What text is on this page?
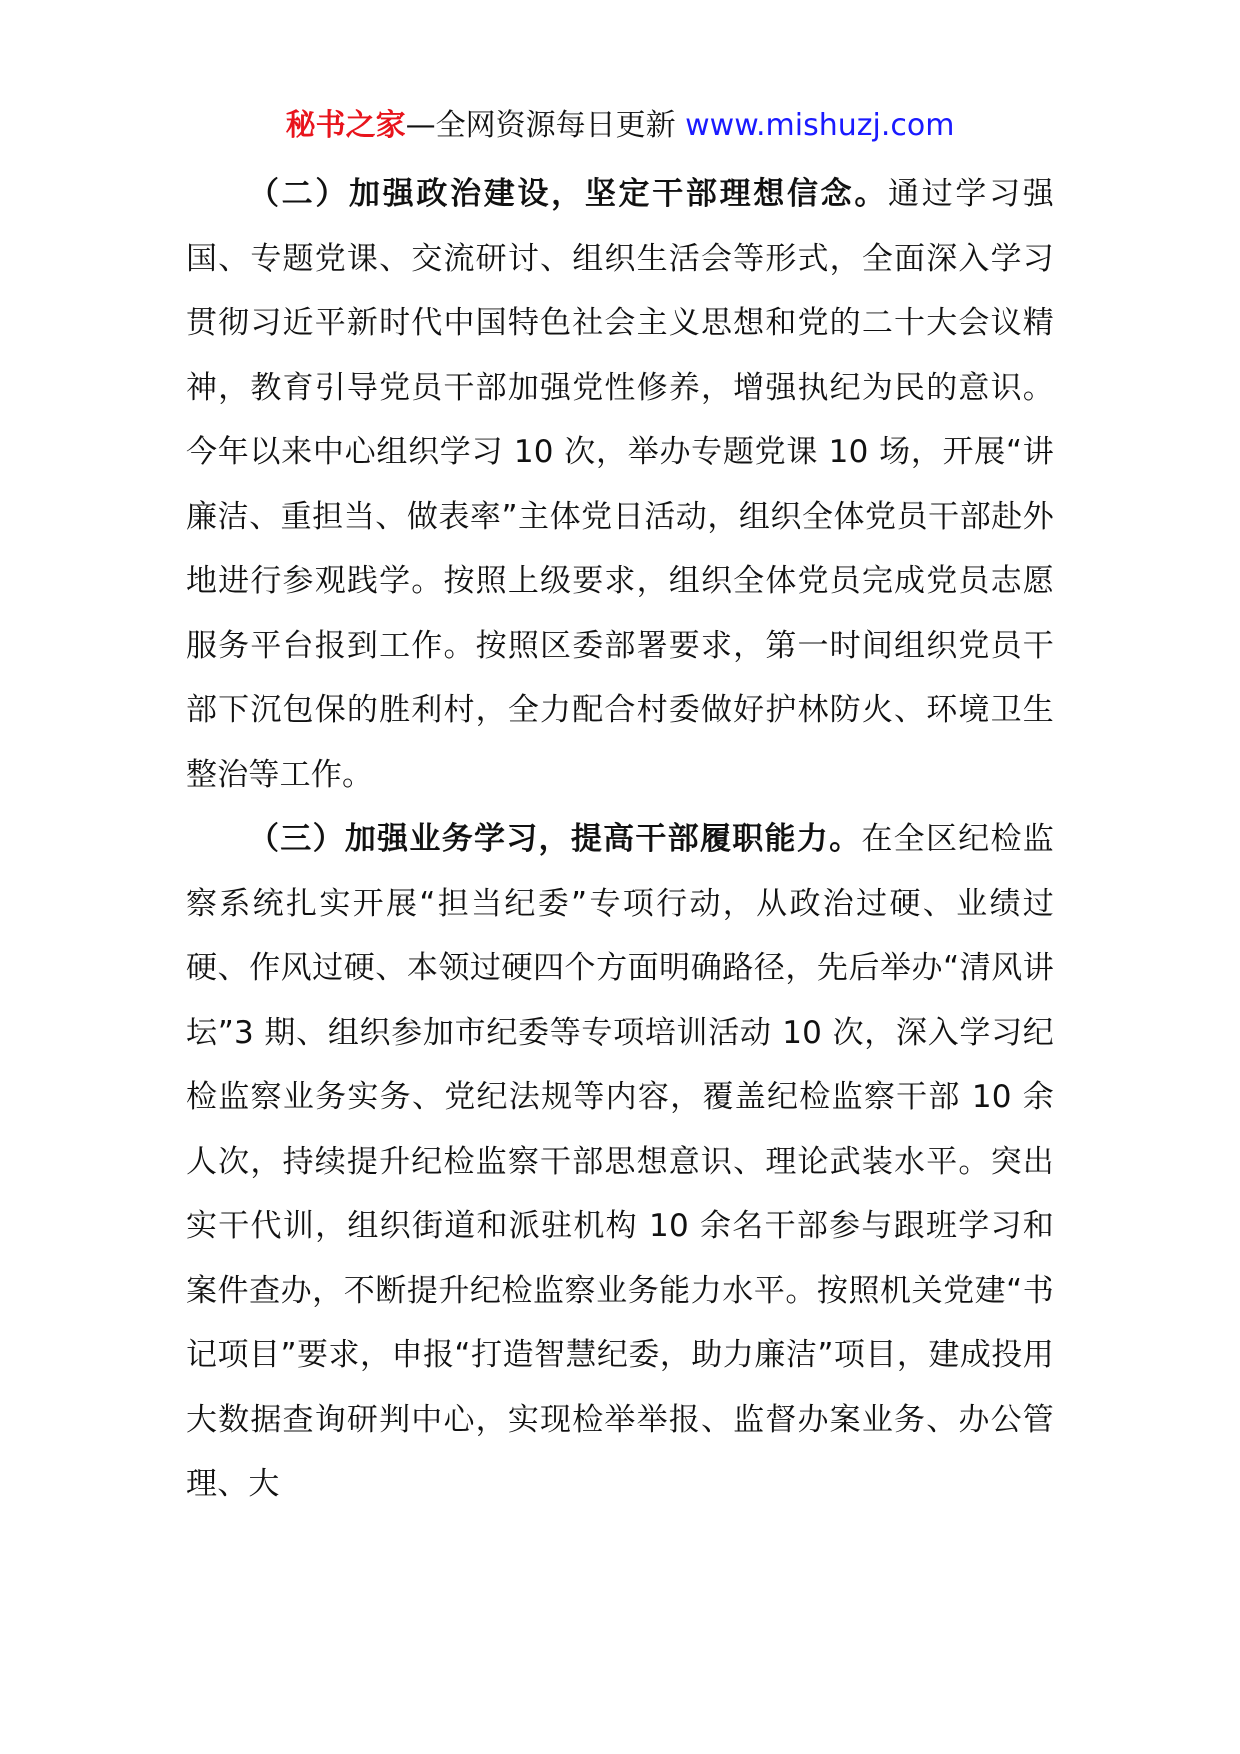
秘书之家—全网资源每日更新 www.mishuzj.com

（二）加强政治建设，坚定干部理想信念。通过学习强国、专题党课、交流研讨、组织生活会等形式，全面深入学习贯彻习近平新时代中国特色社会主义思想和党的二十大会议精神，教育引导党员干部加强党性修养，增强执纪为民的意识。今年以来中心组织学习 10 次，举办专题党课 10 场，开展“讲廉洁、重担当、做表率”主体党日活动，组织全体党员干部赴外地进行参观践学。按照上级要求，组织全体党员完成党员志愿服务平台报到工作。按照区委部署要求，第一时间组织党员干部下沉包保的胜利村，全力配合村委做好护林防火、环境卫生整治等工作。

（三）加强业务学习，提高干部履职能力。在全区纪检监察系统扎实开展“担当纪委”专项行动，从政治过硬、业绩过硬、作风过硬、本领过硬四个方面明确路径，先后举办“清风讲坛”3 期、组织参加市纪委等专项培训活动 10 次，深入学习纪检监察业务实务、党纪法规等内容，覆盖纪检监察干部 10 余人次，持续提升纪检监察干部思想意识、理论武装水平。突出实干代训，组织街道和派驻机构 10 余名干部参与跟班学习和案件查办，不断提升纪检监察业务能力水平。按照机关党建“书记项目”要求，申报“打造智慧纪委，助力廉洁”项目，建成投用大数据查询研判中心，实现检举举报、监督办案业务、办公管理、大
